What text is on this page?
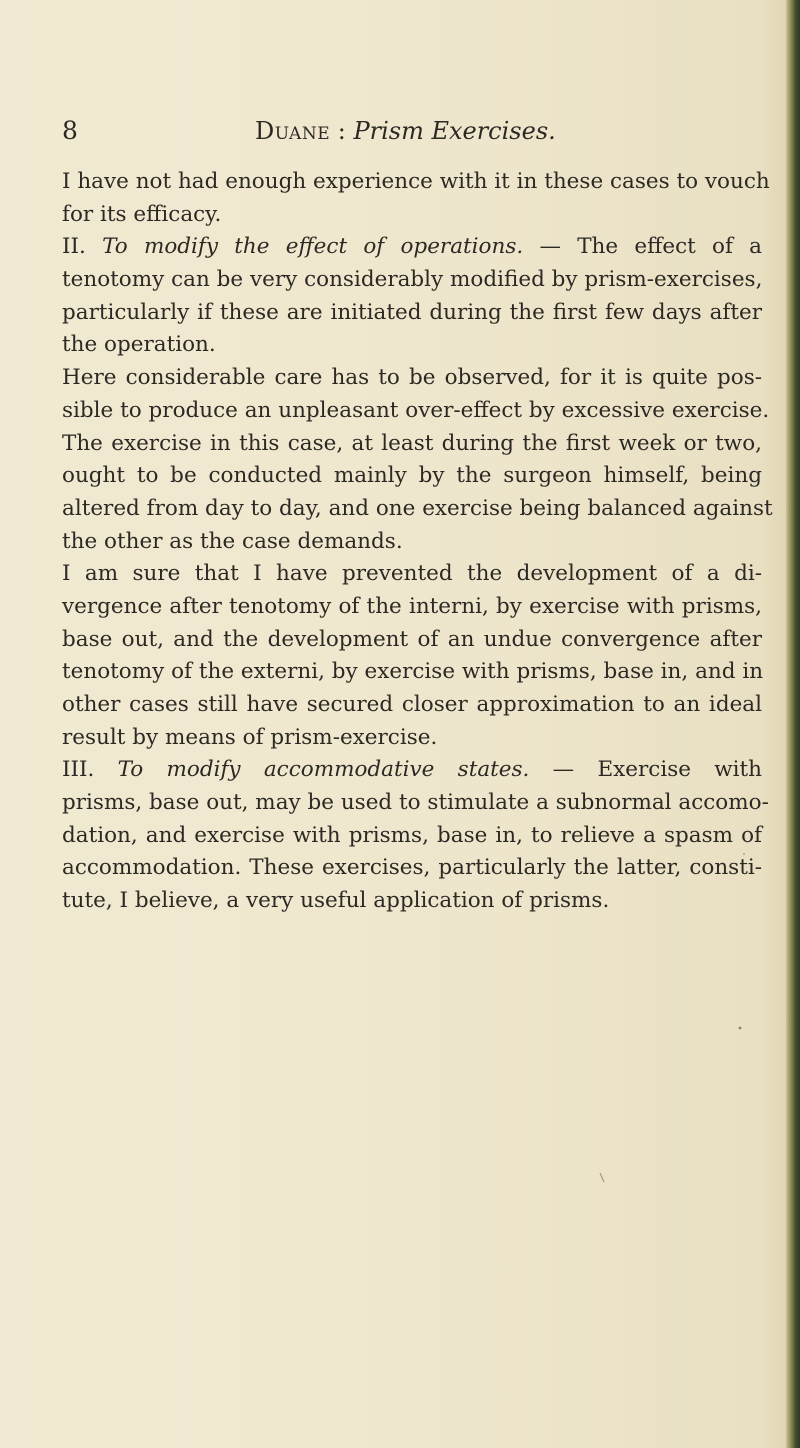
8	Duane : Prism Exercises.
I have not had enough experience with it in these cases to vouch
for its efficacy.
II. To modify the effect of operations. — The effect of a
tenotomy can be very considerably modified by prism-exercises,
particularly if these are initiated during the first few days after
the operation.
Here considerable care has to be observed, for it is quite pos-
sible to produce an unpleasant over-effect by excessive exercise.
The exercise in this case, at least during the first week or two,
ought to be conducted mainly by the surgeon himself, being
altered from day to day, and one exercise being balanced against
the other as the case demands.
I am sure that I have prevented the development of a di-
vergence after tenotomy of the interni, by exercise with prisms,
base out, and the development of an undue convergence after
tenotomy of the externi, by exercise with prisms, base in, and in
other cases still have secured closer approximation to an ideal
result by means of prism-exercise.
III. To modify accommodative states. — Exercise with
prisms, base out, may be used to stimulate a subnormal accomo-
dation, and exercise with prisms, base in, to relieve a spasm of
accommodation. These exercises, particularly the latter, consti-
tute, I believe, a very useful application of prisms.
